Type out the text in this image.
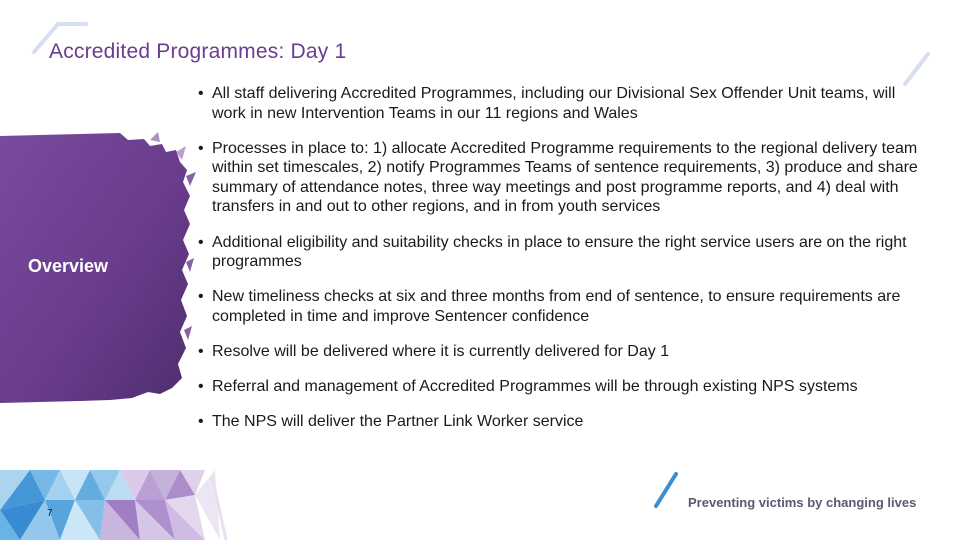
Accredited Programmes: Day 1
Overview
• All staff delivering Accredited Programmes, including our Divisional Sex Offender Unit teams, will work in new Intervention Teams in our 11 regions and Wales
• Processes in place to: 1) allocate Accredited Programme requirements to the regional delivery team within set timescales, 2) notify Programmes Teams of sentence requirements, 3) produce and share summary of attendance notes, three way meetings and post programme reports, and 4) deal with transfers in and out to other regions, and in from youth services
• Additional eligibility and suitability checks in place to ensure the right service users are on the right programmes
• New timeliness checks at six and three months from end of sentence, to ensure requirements are completed in time and improve Sentencer confidence
• Resolve will be delivered where it is currently delivered for Day 1
• Referral and management of Accredited Programmes will be through existing NPS systems
• The NPS will deliver the Partner Link Worker service
Preventing victims by changing lives
7
